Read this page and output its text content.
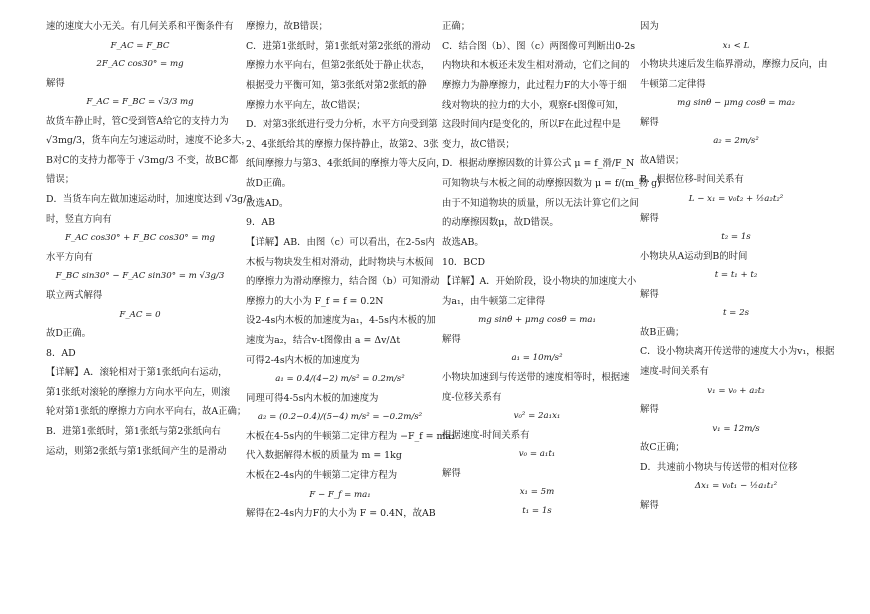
速的速度大小无关。有几何关系和平衡条件有
F_AC = F_BC
2F_AC cos30° = mg
解得
F_AC = F_BC = √3/3 mg
故货车静止时，管C受到管A给它的支持力为
√3mg/3，货车向左匀速运动时，速度不论多大，
B对C的支持力都等于 √3mg/3 不变，故BC都
错误；
D．当货车向左做加速运动时，加速度达到 √3g/3
时，竖直方向有
F_AC cos30° + F_BC cos30° = mg
水平方向有
F_BC sin30° − F_AC sin30° = m √3g/3
联立两式解得
F_AC = 0
故D正确。
8．AD
【详解】A．滚轮相对于第1张纸向右运动，
第1张纸对滚轮的摩擦力方向水平向左，则滚
轮对第1张纸的摩擦力方向水平向右，故A正确；
B．进第1张纸时，第1张纸与第2张纸向右
运动，则第2张纸与第1张纸间产生的是滑动
摩擦力，故B错误；
C．进第1张纸时，第1张纸对第2张纸的滑动
摩擦力水平向右，但第2张纸处于静止状态，
根据受力平衡可知，第3张纸对第2张纸的静
摩擦力水平向左，故C错误；
D．对第3张纸进行受力分析，水平方向受到第
2、4张纸给其的摩擦力保持静止，故第2、3张
纸间摩擦力与第3、4张纸间的摩擦力等大反向，
故D正确。
故选AD。
9．AB
【详解】AB．由图（c）可以看出，在2-5s内
木板与物块发生相对滑动，此时物块与木板间
的摩擦力为滑动摩擦力，结合图（b）可知滑动
摩擦力的大小为 F_f = f = 0.2N
设2-4s内木板的加速度为a₁，4-5s内木板的加
速度为a₂，结合v-t图像由 a = Δv/Δt
可得2-4s内木板的加速度为
a₁ = 0.4/(4−2) m/s² = 0.2m/s²
同理可得4-5s内木板的加速度为
a₂ = (0.2−0.4)/(5−4) m/s² = −0.2m/s²
木板在4-5s内的牛顿第二定律方程为 −F_f = ma₂
代入数据解得木板的质量为 m = 1kg
木板在2-4s内的牛顿第二定律方程为
F − F_f = ma₁
解得在2-4s内力F的大小为 F = 0.4N，故AB
正确；
C．结合图（b）、图（c）两图像可判断出0-2s
内物块和木板还未发生相对滑动，它们之间的
摩擦力为静摩擦力，此过程力F的大小等于细
线对物块的拉力f的大小，观察f-t图像可知，
这段时间内f是变化的，所以F在此过程中是
变力，故C错误；
D．根据动摩擦因数的计算公式 μ = f_滑/F_N
可知物块与木板之间的动摩擦因数为 μ = f/(m_物 g)
由于不知道物块的质量，所以无法计算它们之间
的动摩擦因数μ，故D错误。
故选AB。
10．BCD
【详解】A．开始阶段，设小物块的加速度大小
为a₁，由牛顿第二定律得
mg sinθ + μmg cosθ = ma₁
解得
a₁ = 10m/s²
小物块加速到与传送带的速度相等时，根据速
度-位移关系有
v₀² = 2a₁x₁
根据速度-时间关系有
v₀ = a₁t₁
解得
x₁ = 5m
t₁ = 1s
因为
x₁ < L
小物块共速后发生临界滑动，摩擦力反向，由
牛顿第二定律得
mg sinθ − μmg cosθ = ma₂
解得
a₂ = 2m/s²
故A错误；
B．根据位移-时间关系有
L − x₁ = v₀t₂ + ½a₂t₂²
解得
t₂ = 1s
小物块从A运动到B的时间
t = t₁ + t₂
解得
t = 2s
故B正确；
C．设小物块离开传送带的速度大小为v₁，根据
速度-时间关系有
v₁ = v₀ + a₂t₂
解得
v₁ = 12m/s
故C正确；
D．共速前小物块与传送带的相对位移
Δx₁ = v₀t₁ − ½a₁t₁²
解得
